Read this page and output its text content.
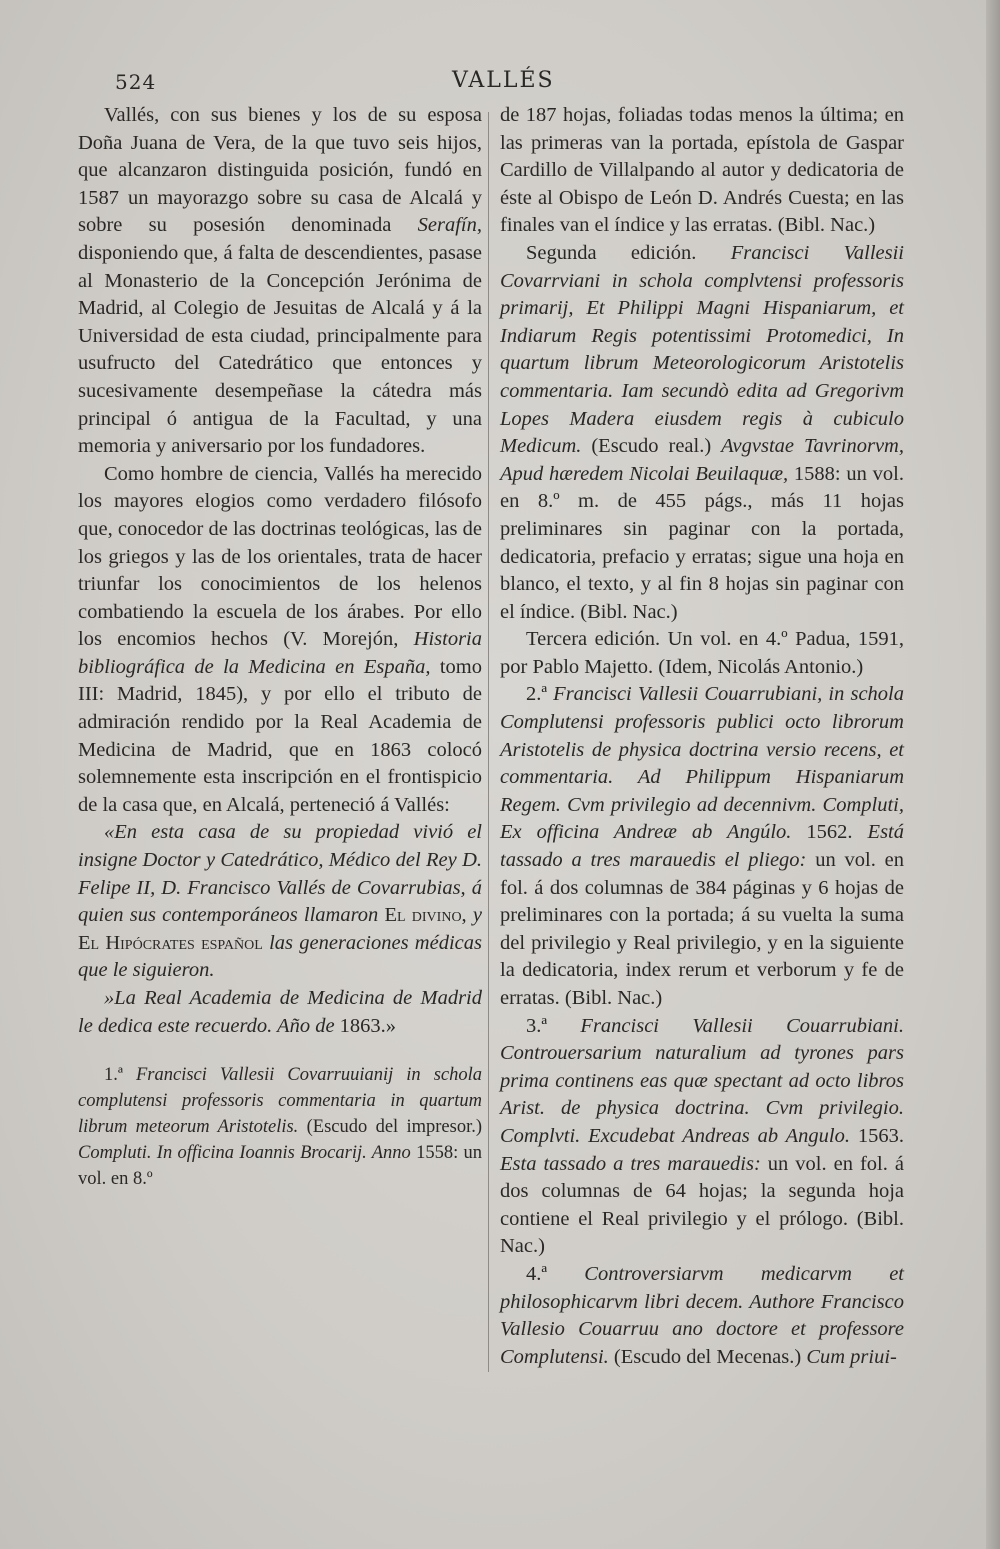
524	VALLÉS

Vallés, con sus bienes y los de su esposa Doña Juana de Vera, de la que tuvo seis hijos, que alcanzaron distinguida posición, fundó en 1587 un mayorazgo sobre su casa de Alcalá y sobre su posesión denominada Serafín, disponiendo que, á falta de descendientes, pasase al Monasterio de la Concepción Jerónima de Madrid, al Colegio de Jesuitas de Alcalá y á la Universidad de esta ciudad, principalmente para usufructo del Catedrático que entonces y sucesivamente desempeñase la cátedra más principal ó antigua de la Facultad, y una memoria y aniversario por los fundadores.

Como hombre de ciencia, Vallés ha merecido los mayores elogios como verdadero filósofo que, conocedor de las doctrinas teológicas, las de los griegos y las de los orientales, trata de hacer triunfar los conocimientos de los helenos combatiendo la escuela de los árabes. Por ello los encomios hechos (V. Morejón, Historia bibliográfica de la Medicina en España, tomo III: Madrid, 1845), y por ello el tributo de admiración rendido por la Real Academia de Medicina de Madrid, que en 1863 colocó solemnemente esta inscripción en el frontispicio de la casa que, en Alcalá, perteneció á Vallés:

«En esta casa de su propiedad vivió el insigne Doctor y Catedrático, Médico del Rey D. Felipe II, D. Francisco Vallés de Covarrubias, á quien sus contemporáneos llamaron El divino, y El Hipócrates español las generaciones médicas que le siguieron.

»La Real Academia de Medicina de Madrid le dedica este recuerdo. Año de 1863.»

1.ª Francisci Vallesii Covarruuianij in schola complutensi professoris commentaria in quartum librum meteorum Aristotelis. (Escudo del impresor.) Compluti. In officina Ioannis Brocarij. Anno 1558: un vol. en 8.º

de 187 hojas, foliadas todas menos la última; en las primeras van la portada, epístola de Gaspar Cardillo de Villalpando al autor y dedicatoria de éste al Obispo de León D. Andrés Cuesta; en las finales van el índice y las erratas. (Bibl. Nac.)

Segunda edición. Francisci Vallesii Covarrviani in schola complvtensi professoris primarij, Et Philippi Magni Hispaniarum, et Indiarum Regis potentissimi Protomedici, In quartum librum Meteorologicorum Aristotelis commentaria. Iam secundò edita ad Gregorivm Lopes Madera eiusdem regis à cubiculo Medicum. (Escudo real.) Avgvstae Tavrinorvm, Apud hæredem Nicolai Beuilaquæ, 1588: un vol. en 8.º m. de 455 págs., más 11 hojas preliminares sin paginar con la portada, dedicatoria, prefacio y erratas; sigue una hoja en blanco, el texto, y al fin 8 hojas sin paginar con el índice. (Bibl. Nac.)

Tercera edición. Un vol. en 4.º Padua, 1591, por Pablo Majetto. (Idem, Nicolás Antonio.)

2.ª Francisci Vallesii Couarrubiani, in schola Complutensi professoris publici octo librorum Aristotelis de physica doctrina versio recens, et commentaria. Ad Philippum Hispaniarum Regem. Cvm privilegio ad decennivm. Compluti, Ex officina Andreæ ab Angúlo. 1562. Está tassado a tres marauedis el pliego: un vol. en fol. á dos columnas de 384 páginas y 6 hojas de preliminares con la portada; á su vuelta la suma del privilegio y Real privilegio, y en la siguiente la dedicatoria, index rerum et verborum y fe de erratas. (Bibl. Nac.)

3.ª Francisci Vallesii Couarrubiani. Controuersarium naturalium ad tyrones pars prima continens eas quæ spectant ad octo libros Arist. de physica doctrina. Cvm privilegio. Complvti. Excudebat Andreas ab Angulo. 1563. Esta tassado a tres marauedis: un vol. en fol. á dos columnas de 64 hojas; la segunda hoja contiene el Real privilegio y el prólogo. (Bibl. Nac.)

4.ª Controversiarvm medicarvm et philosophicarvm libri decem. Authore Francisco Vallesio Couarruu ano doctore et professore Complutensi. (Escudo del Mecenas.) Cum priui-
